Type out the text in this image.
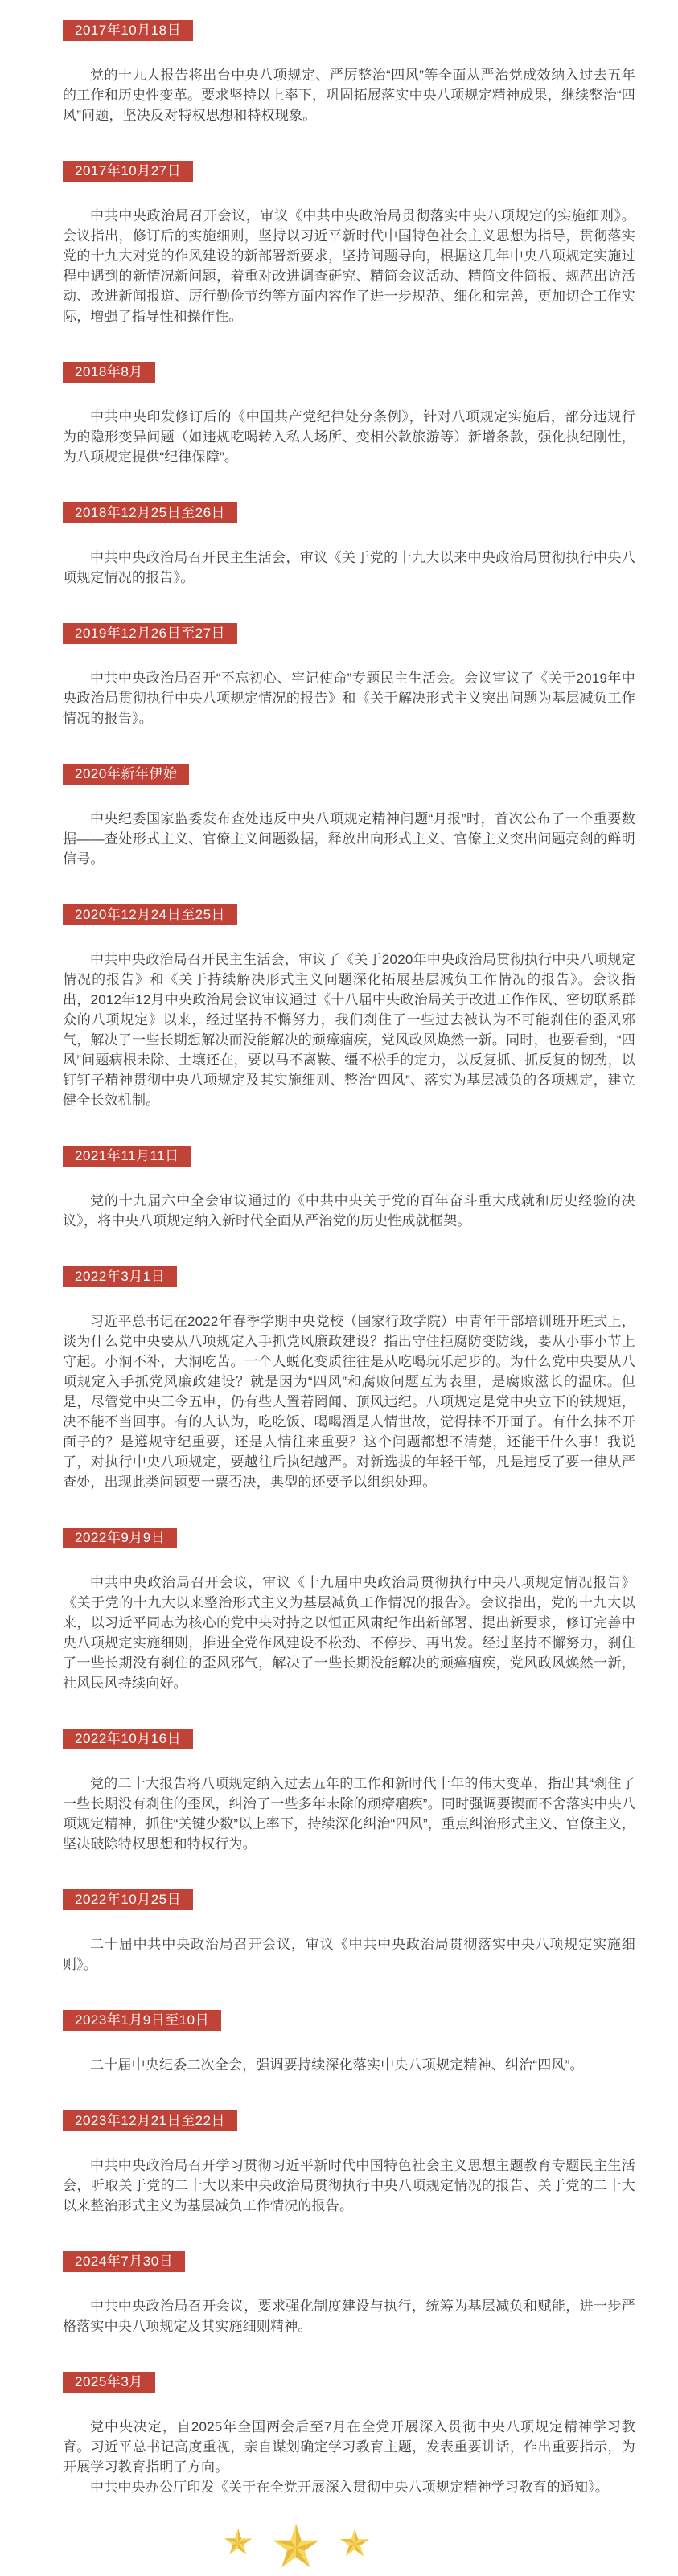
2017年10月18日

党的十九大报告将出台中央八项规定、严厉整治“四风”等全面从严治党成效纳入过去五年的工作和历史性变革。要求坚持以上率下，巩固拓展落实中央八项规定精神成果，继续整治“四风”问题，坚决反对特权思想和特权现象。

2017年10月27日

中共中央政治局召开会议，审议《中共中央政治局贯彻落实中央八项规定的实施细则》。会议指出，修订后的实施细则，坚持以习近平新时代中国特色社会主义思想为指导，贯彻落实党的十九大对党的作风建设的新部署新要求，坚持问题导向，根据这几年中央八项规定实施过程中遇到的新情况新问题，着重对改进调查研究、精简会议活动、精简文件简报、规范出访活动、改进新闻报道、厉行勤俭节约等方面内容作了进一步规范、细化和完善，更加切合工作实际，增强了指导性和操作性。

2018年8月

中共中央印发修订后的《中国共产党纪律处分条例》，针对八项规定实施后，部分违规行为的隐形变异问题（如违规吃喝转入私人场所、变相公款旅游等）新增条款，强化执纪刚性，为八项规定提供“纪律保障”。

2018年12月25日至26日

中共中央政治局召开民主生活会，审议《关于党的十九大以来中央政治局贯彻执行中央八项规定情况的报告》。

2019年12月26日至27日

中共中央政治局召开“不忘初心、牢记使命”专题民主生活会。会议审议了《关于2019年中央政治局贯彻执行中央八项规定情况的报告》和《关于解决形式主义突出问题为基层减负工作情况的报告》。

2020年新年伊始

中央纪委国家监委发布查处违反中央八项规定精神问题“月报”时，首次公布了一个重要数据——查处形式主义、官僚主义问题数据，释放出向形式主义、官僚主义突出问题亮剑的鲜明信号。

2020年12月24日至25日

中共中央政治局召开民主生活会，审议了《关于2020年中央政治局贯彻执行中央八项规定情况的报告》和《关于持续解决形式主义问题深化拓展基层减负工作情况的报告》。会议指出，2012年12月中央政治局会议审议通过《十八届中央政治局关于改进工作作风、密切联系群众的八项规定》以来，经过坚持不懈努力，我们刹住了一些过去被认为不可能刹住的歪风邪气，解决了一些长期想解决而没能解决的顽瘴痼疾，党风政风焕然一新。同时，也要看到，“四风”问题病根未除、土壤还在，要以马不离鞍、缰不松手的定力，以反复抓、抓反复的韧劲，以钉钉子精神贯彻中央八项规定及其实施细则、整治“四风”、落实为基层减负的各项规定，建立健全长效机制。

2021年11月11日

党的十九届六中全会审议通过的《中共中央关于党的百年奋斗重大成就和历史经验的决议》，将中央八项规定纳入新时代全面从严治党的历史性成就框架。

2022年3月1日

习近平总书记在2022年春季学期中央党校（国家行政学院）中青年干部培训班开班式上，谈为什么党中央要从八项规定入手抓党风廉政建设？指出守住拒腐防变防线，要从小事小节上守起。小洞不补，大洞吃苦。一个人蜕化变质往往是从吃喝玩乐起步的。为什么党中央要从八项规定入手抓党风廉政建设？就是因为“四风”和腐败问题互为表里，是腐败滋长的温床。但是，尽管党中央三令五申，仍有些人置若罔闻、顶风违纪。八项规定是党中央立下的铁规矩，决不能不当回事。有的人认为，吃吃饭、喝喝酒是人情世故，觉得抹不开面子。有什么抹不开面子的？是遵规守纪重要，还是人情往来重要？这个问题都想不清楚，还能干什么事！我说了，对执行中央八项规定，要越往后执纪越严。对新选拔的年轻干部，凡是违反了要一律从严查处，出现此类问题要一票否决，典型的还要予以组织处理。

2022年9月9日

中共中央政治局召开会议，审议《十九届中央政治局贯彻执行中央八项规定情况报告》《关于党的十九大以来整治形式主义为基层减负工作情况的报告》。会议指出，党的十九大以来，以习近平同志为核心的党中央对持之以恒正风肃纪作出新部署、提出新要求，修订完善中央八项规定实施细则，推进全党作风建设不松劲、不停步、再出发。经过坚持不懈努力，刹住了一些长期没有刹住的歪风邪气，解决了一些长期没能解决的顽瘴痼疾，党风政风焕然一新，社风民风持续向好。

2022年10月16日

党的二十大报告将八项规定纳入过去五年的工作和新时代十年的伟大变革，指出其“刹住了一些长期没有刹住的歪风，纠治了一些多年未除的顽瘴痼疾”。同时强调要锲而不舍落实中央八项规定精神，抓住“关键少数”以上率下，持续深化纠治“四风”，重点纠治形式主义、官僚主义，坚决破除特权思想和特权行为。

2022年10月25日

二十届中共中央政治局召开会议，审议《中共中央政治局贯彻落实中央八项规定实施细则》。

2023年1月9日至10日

二十届中央纪委二次全会，强调要持续深化落实中央八项规定精神、纠治“四风”。

2023年12月21日至22日

中共中央政治局召开学习贯彻习近平新时代中国特色社会主义思想主题教育专题民主生活会，听取关于党的二十大以来中央政治局贯彻执行中央八项规定情况的报告、关于党的二十大以来整治形式主义为基层减负工作情况的报告。

2024年7月30日

中共中央政治局召开会议，要求强化制度建设与执行，统筹为基层减负和赋能，进一步严格落实中央八项规定及其实施细则精神。

2025年3月

党中央决定，自2025年全国两会后至7月在全党开展深入贯彻中央八项规定精神学习教育。习近平总书记高度重视，亲自谋划确定学习教育主题，发表重要讲话，作出重要指示，为开展学习教育指明了方向。

中共中央办公厅印发《关于在全党开展深入贯彻中央八项规定精神学习教育的通知》。
